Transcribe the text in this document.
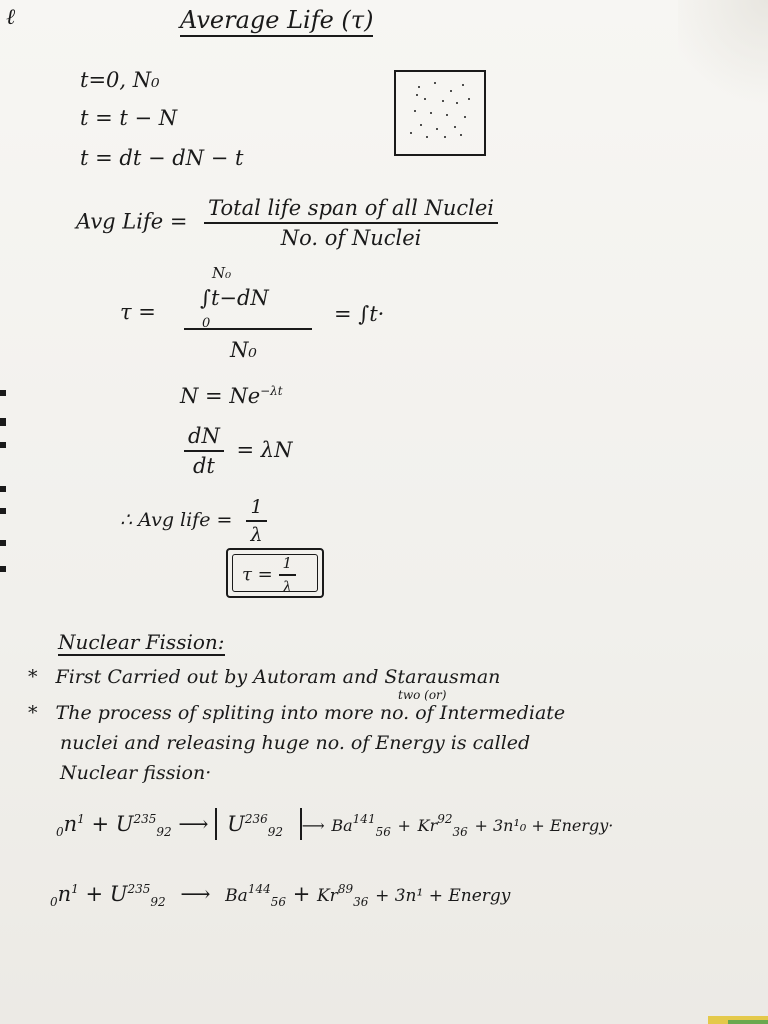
ℓ	Average Life (τ)
t=0, N₀
t = t − N
t = dt − dN − t
Avg Life = $\frac{\text{Total life span of all Nuclei}}{\text{No. of Nuclei}}$
τ =
N₀
∫t−dN
0
N₀
= ∫t·
$N = Ne^{-\lambda t}$
$\frac{dN}{dt} = \lambda N$
∴ Avg life = $\frac{1}{\lambda}$
$\tau = \frac{1}{\lambda}$
Nuclear Fission:
* First Carried out by Autoram and Starausman
two (or)
* The process of spliting into more no. of Intermediate
nuclei and releasing huge no. of Energy is called
Nuclear fission·
$_0n^1 + U^{235}_{92}$ ⟶ $U^{236}_{92}$ ⟶ $Ba^{141}_{56} + Kr^{92}_{36} + 3n^1_0$ + Energy·
$_0n^1 + U^{235}_{92}$ ⟶ $Ba^{144}_{56} + Kr^{89}_{36} + 3n^1$ + Energy
